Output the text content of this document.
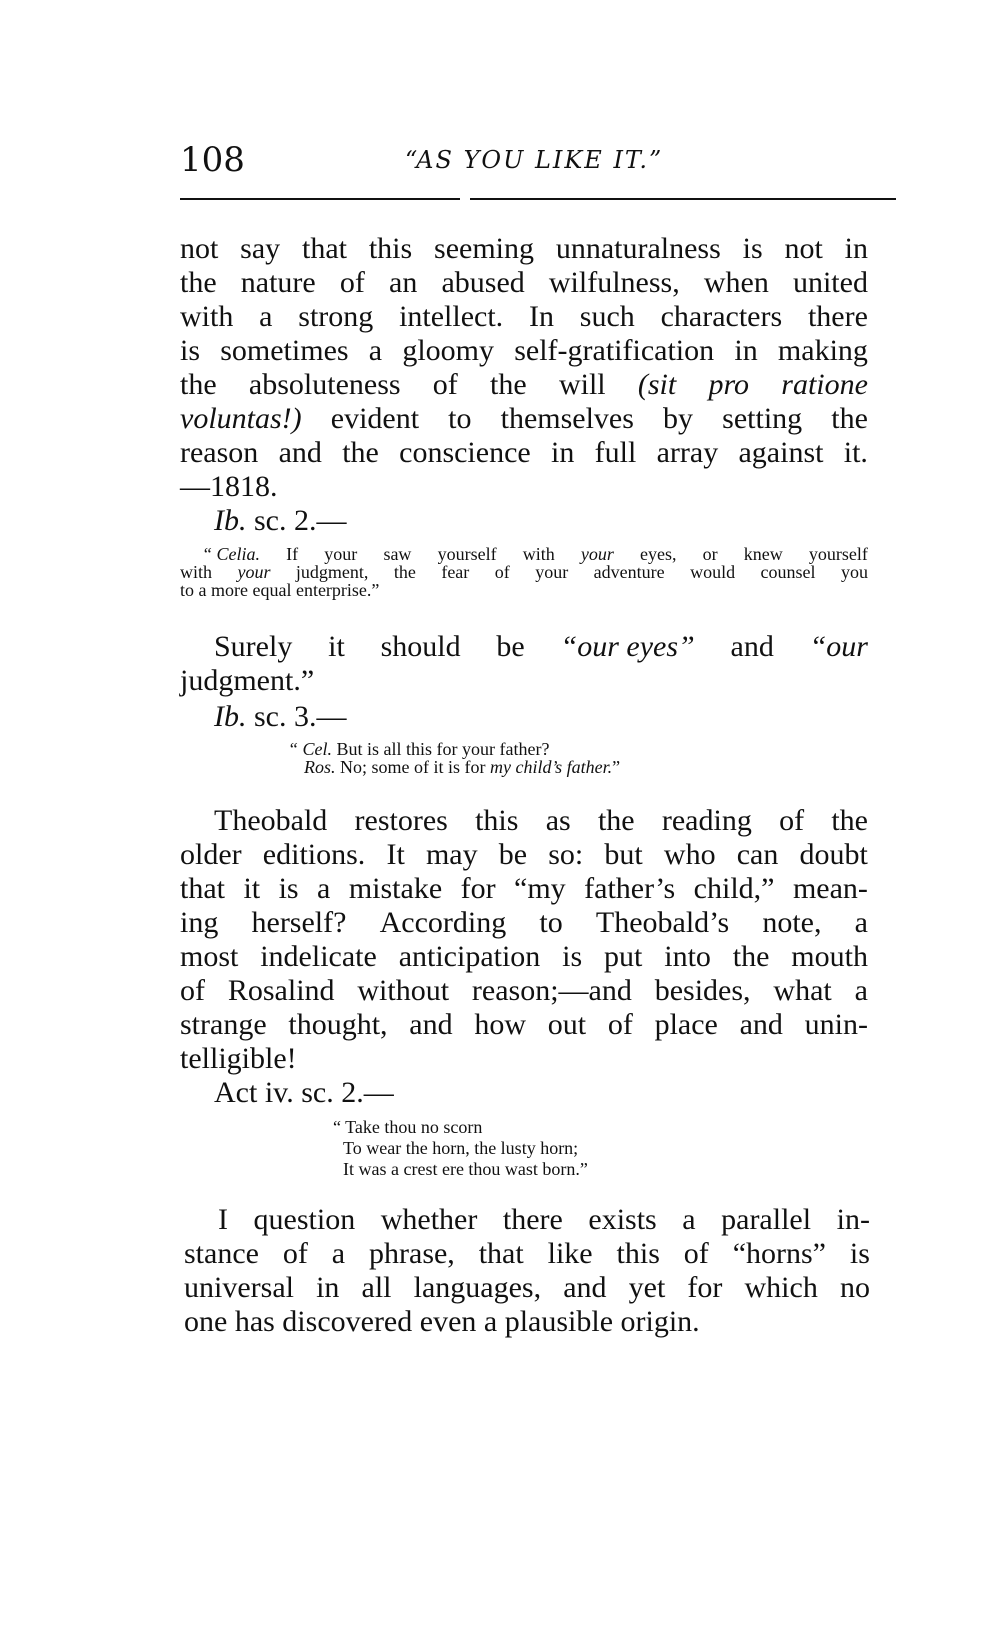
108	“AS YOU LIKE IT.”
not say that this seeming unnaturalness is not in
the nature of an abused wilfulness, when united
with a strong intellect. In such characters there
is sometimes a gloomy self-gratification in making
the absoluteness of the will (sit pro ratione
voluntas!) evident to themselves by setting the
reason and the conscience in full array against it.
—1818.
Ib. sc. 2.—
“ Celia. If your saw yourself with your eyes, or knew yourself
with your judgment, the fear of your adventure would counsel you
to a more equal enterprise.”
Surely it should be “our eyes” and “our
judgment.”
Ib. sc. 3.—
“ Cel. But is all this for your father?
Ros. No; some of it is for my child’s father.”
Theobald restores this as the reading of the
older editions. It may be so: but who can doubt
that it is a mistake for “my father’s child,” mean-
ing herself? According to Theobald’s note, a
most indelicate anticipation is put into the mouth
of Rosalind without reason;—and besides, what a
strange thought, and how out of place and unin-
telligible!
Act iv. sc. 2.—
“ Take thou no scorn
To wear the horn, the lusty horn;
It was a crest ere thou wast born.”
I question whether there exists a parallel in-
stance of a phrase, that like this of “horns” is
universal in all languages, and yet for which no
one has discovered even a plausible origin.
